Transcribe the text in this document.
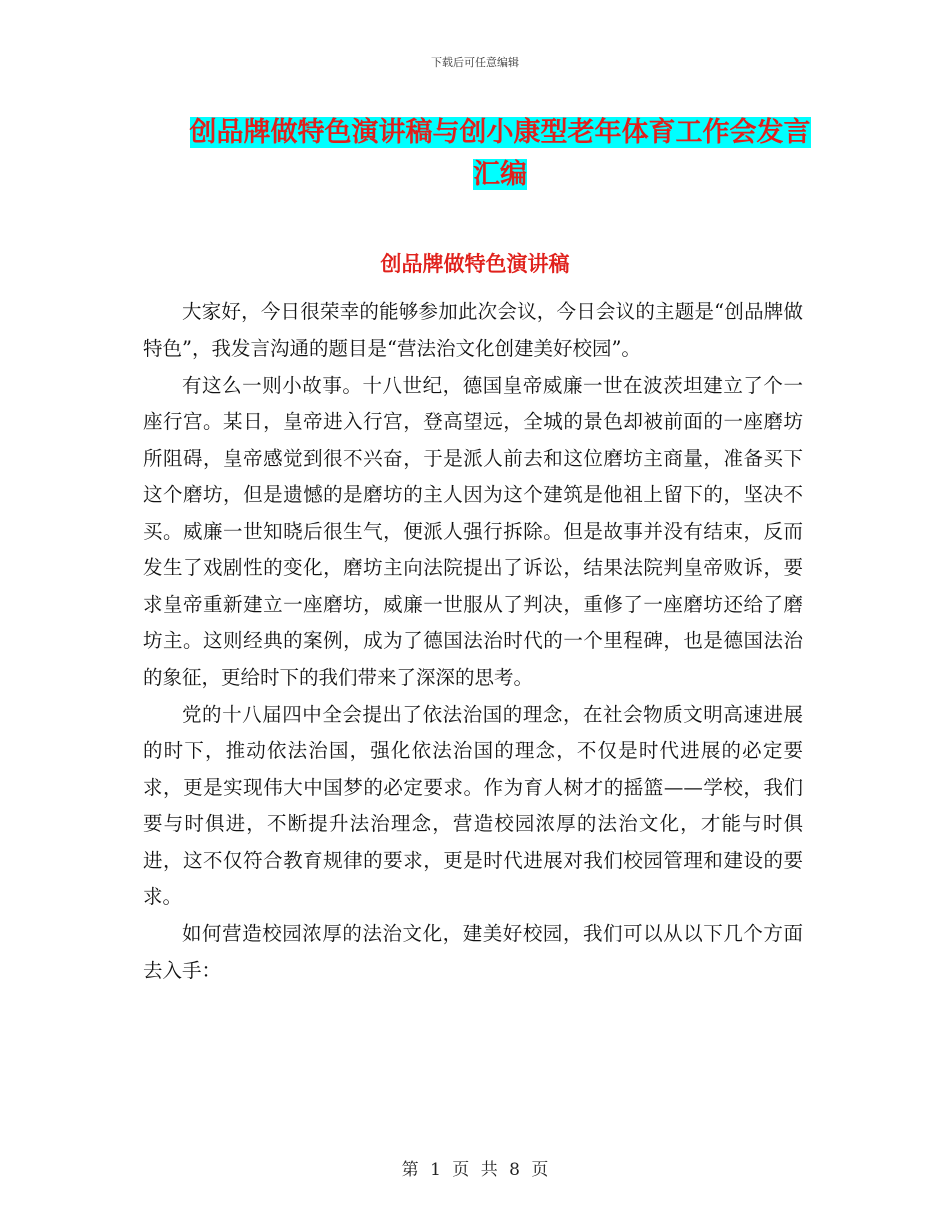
下载后可任意编辑
创品牌做特色演讲稿与创小康型老年体育工作会发言
汇编
创品牌做特色演讲稿

大家好，今日很荣幸的能够参加此次会议，今日会议的主题是“创品牌做特色”，我发言沟通的题目是“营法治文化创建美好校园”。

有这么一则小故事。十八世纪，德国皇帝威廉一世在波茨坦建立了个一座行宫。某日，皇帝进入行宫，登高望远，全城的景色却被前面的一座磨坊所阻碍，皇帝感觉到很不兴奋，于是派人前去和这位磨坊主商量，准备买下这个磨坊，但是遗憾的是磨坊的主人因为这个建筑是他祖上留下的，坚决不买。威廉一世知晓后很生气，便派人强行拆除。但是故事并没有结束，反而发生了戏剧性的变化，磨坊主向法院提出了诉讼，结果法院判皇帝败诉，要求皇帝重新建立一座磨坊，威廉一世服从了判决，重修了一座磨坊还给了磨坊主。这则经典的案例，成为了德国法治时代的一个里程碑，也是德国法治的象征，更给时下的我们带来了深深的思考。

党的十八届四中全会提出了依法治国的理念，在社会物质文明高速进展的时下，推动依法治国，强化依法治国的理念，不仅是时代进展的必定要求，更是实现伟大中国梦的必定要求。作为育人树才的摇篮——学校，我们要与时俱进，不断提升法治理念，营造校园浓厚的法治文化，才能与时俱进，这不仅符合教育规律的要求，更是时代进展对我们校园管理和建设的要求。

如何营造校园浓厚的法治文化，建美好校园，我们可以从以下几个方面去入手：

第 1 页 共 8 页
